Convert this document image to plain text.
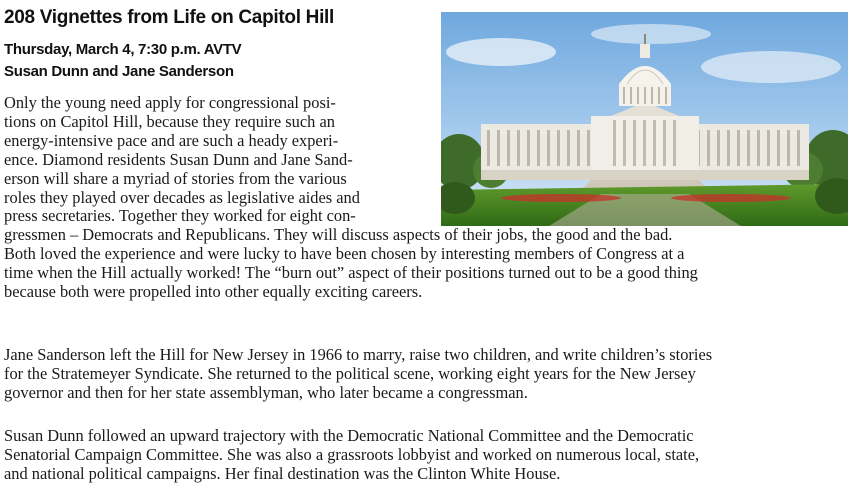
208 Vignettes from Life on Capitol Hill
Thursday, March 4, 7:30 p.m. AVTV
Susan Dunn and Jane Sanderson
Only the young need apply for congressional posi-
tions on Capitol Hill, because they require such an
energy-intensive pace and are such a heady experi-
ence. Diamond residents Susan Dunn and Jane Sand-
erson will share a myriad of stories from the various
roles they played over decades as legislative aides and
press secretaries. Together they worked for eight con-
gressmen – Democrats and Republicans. They will discuss aspects of their jobs, the good and the bad.
Both loved the experience and were lucky to have been chosen by interesting members of Congress at a
time when the Hill actually worked! The “burn out” aspect of their positions turned out to be a good thing
because both were propelled into other equally exciting careers.
Jane Sanderson left the Hill for New Jersey in 1966 to marry, raise two children, and write children’s stories
for the Stratemeyer Syndicate. She returned to the political scene, working eight years for the New Jersey
governor and then for her state assemblyman, who later became a congressman.
Susan Dunn followed an upward trajectory with the Democratic National Committee and the Democratic
Senatorial Campaign Committee. She was also a grassroots lobbyist and worked on numerous local, state,
and national political campaigns. Her final destination was the Clinton White House.
